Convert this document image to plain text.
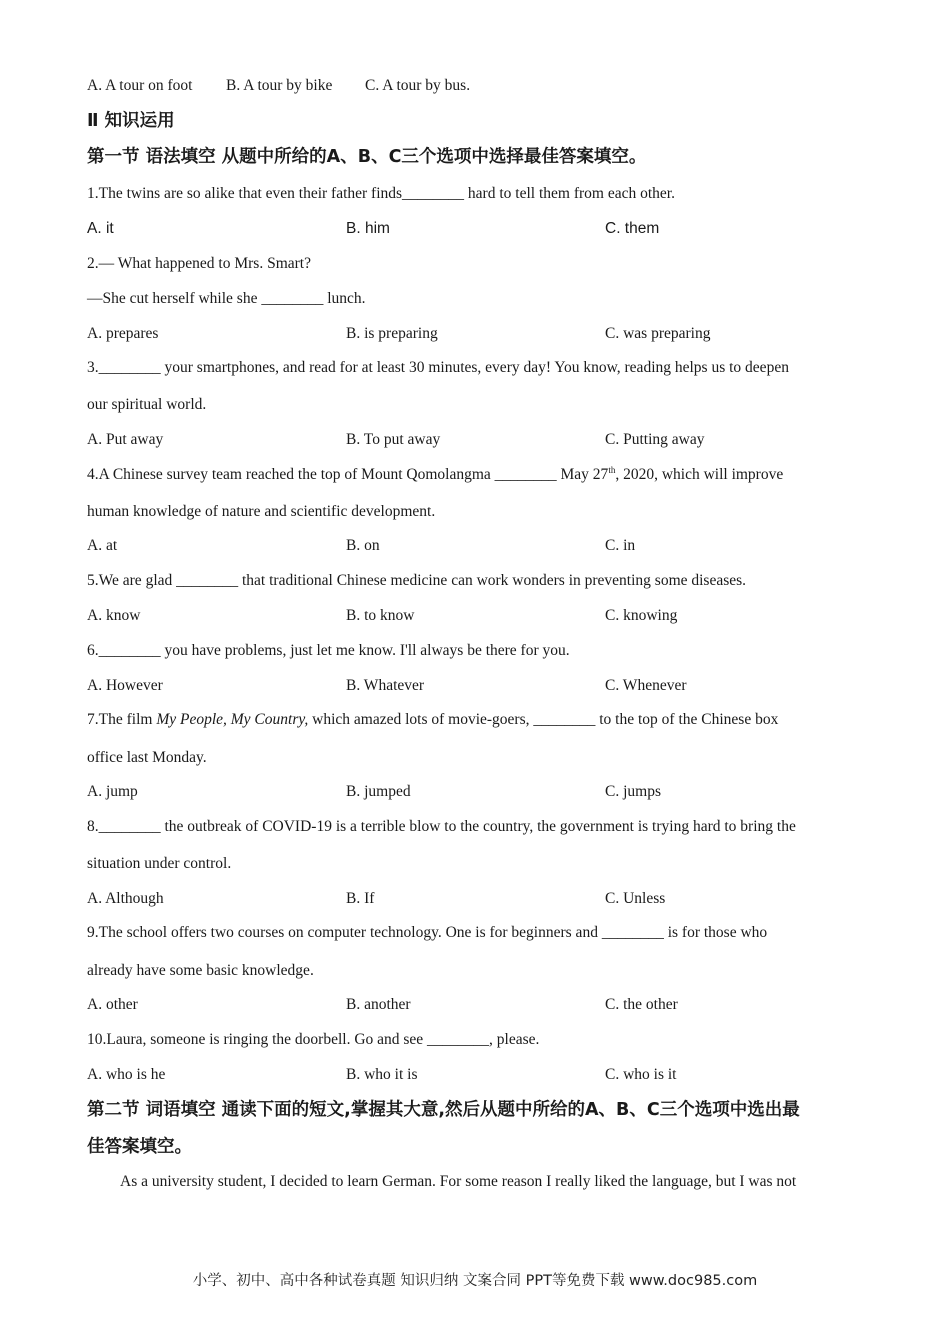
A. A tour on foot B. A tour by bike C. A tour by bus.
Ⅱ 知识运用
第一节 语法填空 从题中所给的A、B、C三个选项中选择最佳答案填空。
1.The twins are so alike that even their father finds________ hard to tell them from each other.
A. it	B. him	C. them
2.— What happened to Mrs. Smart?
—She cut herself while she ________ lunch.
A. prepares	B. is preparing	C. was preparing
3.________ your smartphones, and read for at least 30 minutes, every day! You know, reading helps us to deepen
our spiritual world.
A. Put away	B. To put away	C. Putting away
4.A Chinese survey team reached the top of Mount Qomolangma ________ May 27th, 2020, which will improve
human knowledge of nature and scientific development.
A. at	B. on	C. in
5.We are glad ________ that traditional Chinese medicine can work wonders in preventing some diseases.
A. know	B. to know	C. knowing
6.________ you have problems, just let me know. I'll always be there for you.
A. However	B. Whatever	C. Whenever
7.The film My People, My Country, which amazed lots of movie-goers, ________ to the top of the Chinese box
office last Monday.
A. jump	B. jumped	C. jumps
8.________ the outbreak of COVID-19 is a terrible blow to the country, the government is trying hard to bring the
situation under control.
A. Although	B. If	C. Unless
9.The school offers two courses on computer technology. One is for beginners and ________ is for those who
already have some basic knowledge.
A. other	B. another	C. the other
10.Laura, someone is ringing the doorbell. Go and see ________, please.
A. who is he	B. who it is	C. who is it
第二节 词语填空 通读下面的短文,掌握其大意,然后从题中所给的A、B、C三个选项中选出最
佳答案填空。
As a university student, I decided to learn German. For some reason I really liked the language, but I was not
小学、初中、高中各种试卷真题 知识归纳 文案合同 PPT等免费下载 www.doc985.com
